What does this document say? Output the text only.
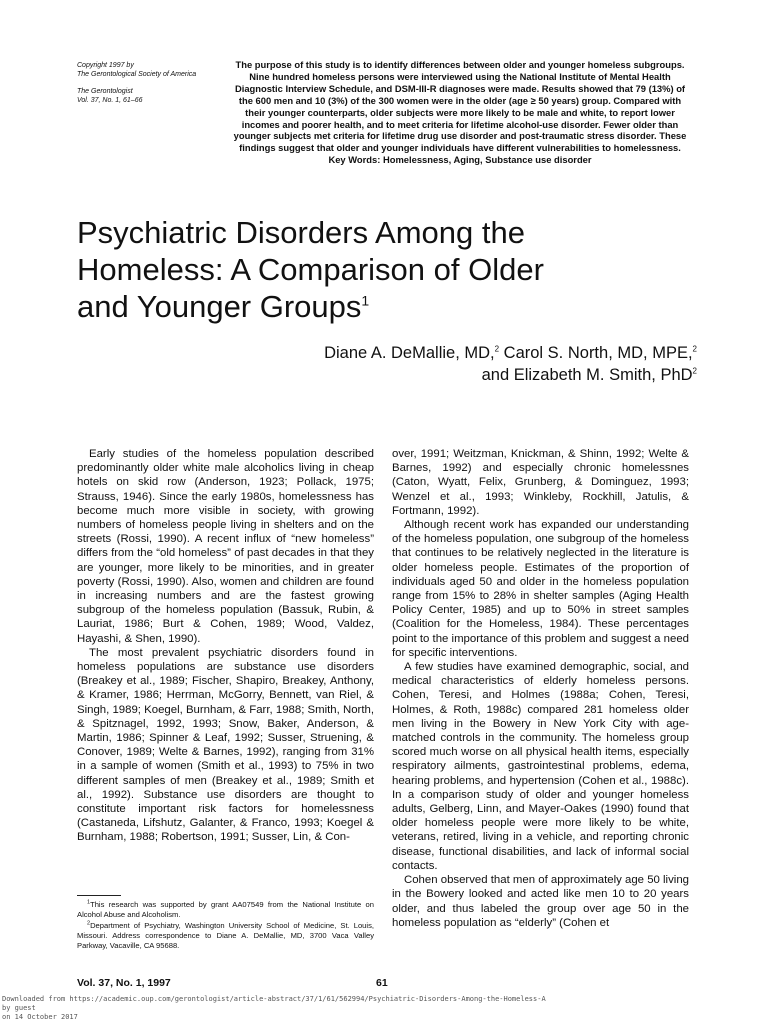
Copyright 1997 by
The Gerontological Society of America
The Gerontologist
Vol. 37, No. 1, 61–66
The purpose of this study is to identify differences between older and younger homeless subgroups. Nine hundred homeless persons were interviewed using the National Institute of Mental Health Diagnostic Interview Schedule, and DSM-III-R diagnoses were made. Results showed that 79 (13%) of the 600 men and 10 (3%) of the 300 women were in the older (age ≥ 50 years) group. Compared with their younger counterparts, older subjects were more likely to be male and white, to report lower incomes and poorer health, and to meet criteria for lifetime alcohol-use disorder. Fewer older than younger subjects met criteria for lifetime drug use disorder and post-traumatic stress disorder. These findings suggest that older and younger individuals have different vulnerabilities to homelessness.
Key Words: Homelessness, Aging, Substance use disorder
Psychiatric Disorders Among the
Homeless: A Comparison of Older
and Younger Groups$^1$
Diane A. DeMallie, MD,$^2$ Carol S. North, MD, MPE,$^2$
and Elizabeth M. Smith, PhD$^2$

Early studies of the homeless population described predominantly older white male alcoholics living in cheap hotels on skid row (Anderson, 1923; Pollack, 1975; Strauss, 1946). Since the early 1980s, homelessness has become much more visible in society, with growing numbers of homeless people living in shelters and on the streets (Rossi, 1990). A recent influx of “new homeless” differs from the “old homeless” of past decades in that they are younger, more likely to be minorities, and in greater poverty (Rossi, 1990). Also, women and children are found in increasing numbers and are the fastest growing subgroup of the homeless population (Bassuk, Rubin, & Lauriat, 1986; Burt & Cohen, 1989; Wood, Valdez, Hayashi, & Shen, 1990).

The most prevalent psychiatric disorders found in homeless populations are substance use disorders (Breakey et al., 1989; Fischer, Shapiro, Breakey, Anthony, & Kramer, 1986; Herrman, McGorry, Bennett, van Riel, & Singh, 1989; Koegel, Burnham, & Farr, 1988; Smith, North, & Spitznagel, 1992, 1993; Snow, Baker, Anderson, & Martin, 1986; Spinner & Leaf, 1992; Susser, Struening, & Conover, 1989; Welte & Barnes, 1992), ranging from 31% in a sample of women (Smith et al., 1993) to 75% in two different samples of men (Breakey et al., 1989; Smith et al., 1992). Substance use disorders are thought to constitute important risk factors for homelessness (Castaneda, Lifshutz, Galanter, & Franco, 1993; Koegel & Burnham, 1988; Robertson, 1991; Susser, Lin, & Con-

over, 1991; Weitzman, Knickman, & Shinn, 1992; Welte & Barnes, 1992) and especially chronic homelessnes (Caton, Wyatt, Felix, Grunberg, & Dominguez, 1993; Wenzel et al., 1993; Winkleby, Rockhill, Jatulis, & Fortmann, 1992).

Although recent work has expanded our understanding of the homeless population, one subgroup of the homeless that continues to be relatively neglected in the literature is older homeless people. Estimates of the proportion of individuals aged 50 and older in the homeless population range from 15% to 28% in shelter samples (Aging Health Policy Center, 1985) and up to 50% in street samples (Coalition for the Homeless, 1984). These percentages point to the importance of this problem and suggest a need for specific interventions.

A few studies have examined demographic, social, and medical characteristics of elderly homeless persons. Cohen, Teresi, and Holmes (1988a; Cohen, Teresi, Holmes, & Roth, 1988c) compared 281 homeless older men living in the Bowery in New York City with age-matched controls in the community. The homeless group scored much worse on all physical health items, especially respiratory ailments, gastrointestinal problems, edema, hearing problems, and hypertension (Cohen et al., 1988c). In a comparison study of older and younger homeless adults, Gelberg, Linn, and Mayer-Oakes (1990) found that older homeless people were more likely to be white, veterans, retired, living in a vehicle, and reporting chronic disease, functional disabilities, and lack of informal social contacts.

Cohen observed that men of approximately age 50 living in the Bowery looked and acted like men 10 to 20 years older, and thus labeled the group over age 50 in the homeless population as “elderly” (Cohen et

$^1$This research was supported by grant AA07549 from the National Institute on Alcohol Abuse and Alcoholism.

$^2$Department of Psychiatry, Washington University School of Medicine, St. Louis, Missouri. Address correspondence to Diane A. DeMallie, MD, 3700 Vaca Valley Parkway, Vacaville, CA 95688.

Vol. 37, No. 1, 1997	61
Downloaded from https://academic.oup.com/gerontologist/article-abstract/37/1/61/562994/Psychiatric-Disorders-Among-the-Homeless-A
by guest
on 14 October 2017
